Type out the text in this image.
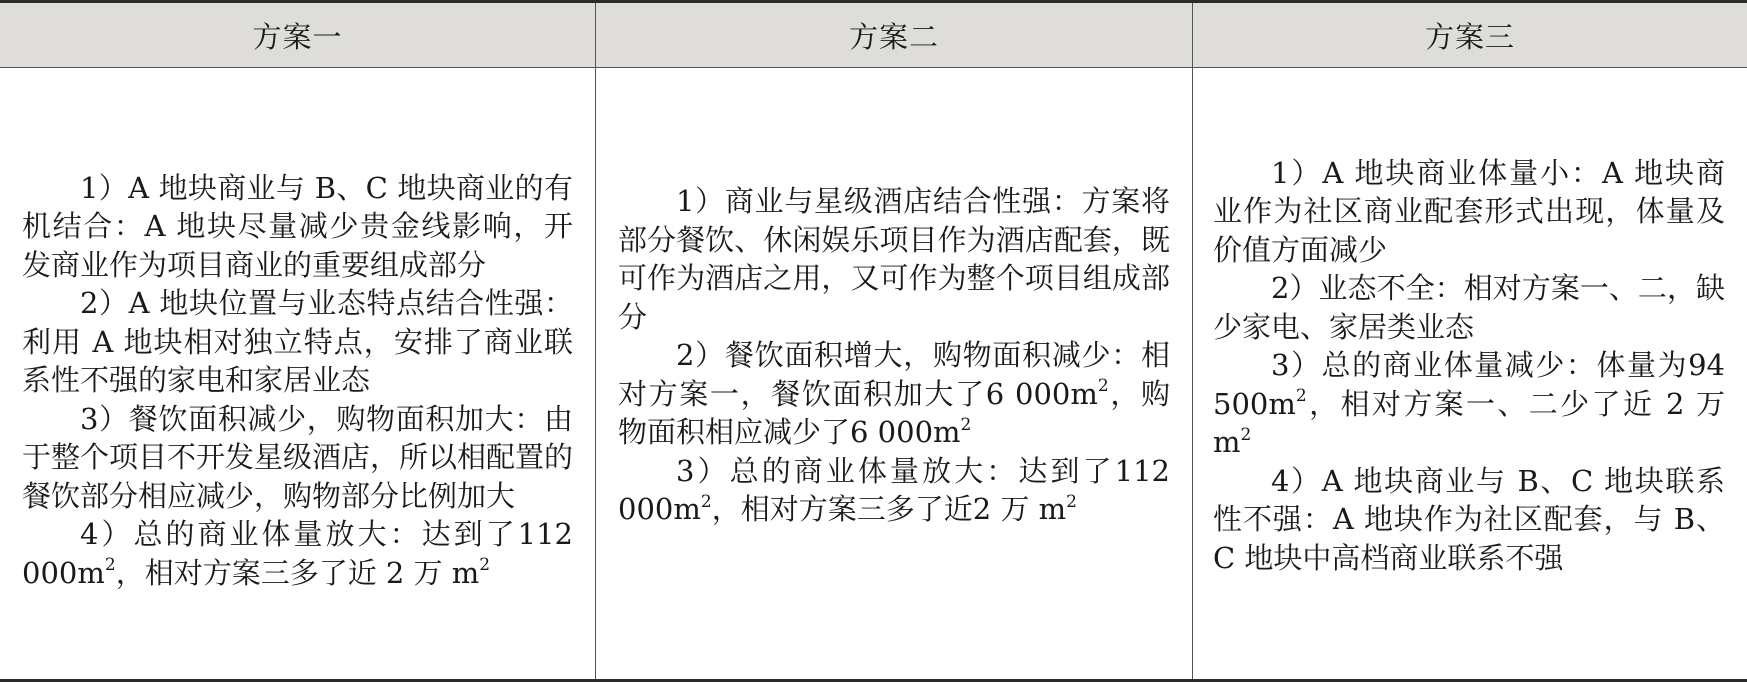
方案一	方案二	方案三

1）A 地块商业与 B、C 地块商业的有机结合：A 地块尽量减少贵金线影响，开发商业作为项目商业的重要组成部分

2）A 地块位置与业态特点结合性强：利用 A 地块相对独立特点，安排了商业联系性不强的家电和家居业态

3）餐饮面积减少，购物面积加大：由于整个项目不开发星级酒店，所以相配置的餐饮部分相应减少，购物部分比例加大

4）总的商业体量放大：达到了112 $000m^2$，相对方案三多了近 2 万 $m^2$

1）商业与星级酒店结合性强：方案将部分餐饮、休闲娱乐项目作为酒店配套，既可作为酒店之用，又可作为整个项目组成部分

2）餐饮面积增大，购物面积减少：相对方案一，餐饮面积加大了6 $000m^2$，购物面积相应减少了6 $000m^2$

3）总的商业体量放大：达到了112 $000m^2$，相对方案三多了近2 万 $m^2$

1）A 地块商业体量小：A 地块商业作为社区商业配套形式出现，体量及价值方面减少

2）业态不全：相对方案一、二，缺少家电、家居类业态

3）总的商业体量减少：体量为94 $500m^2$，相对方案一、二少了近 2 万 $m^2$

4）A 地块商业与 B、C 地块联系性不强：A 地块作为社区配套，与 B、C 地块中高档商业联系不强
